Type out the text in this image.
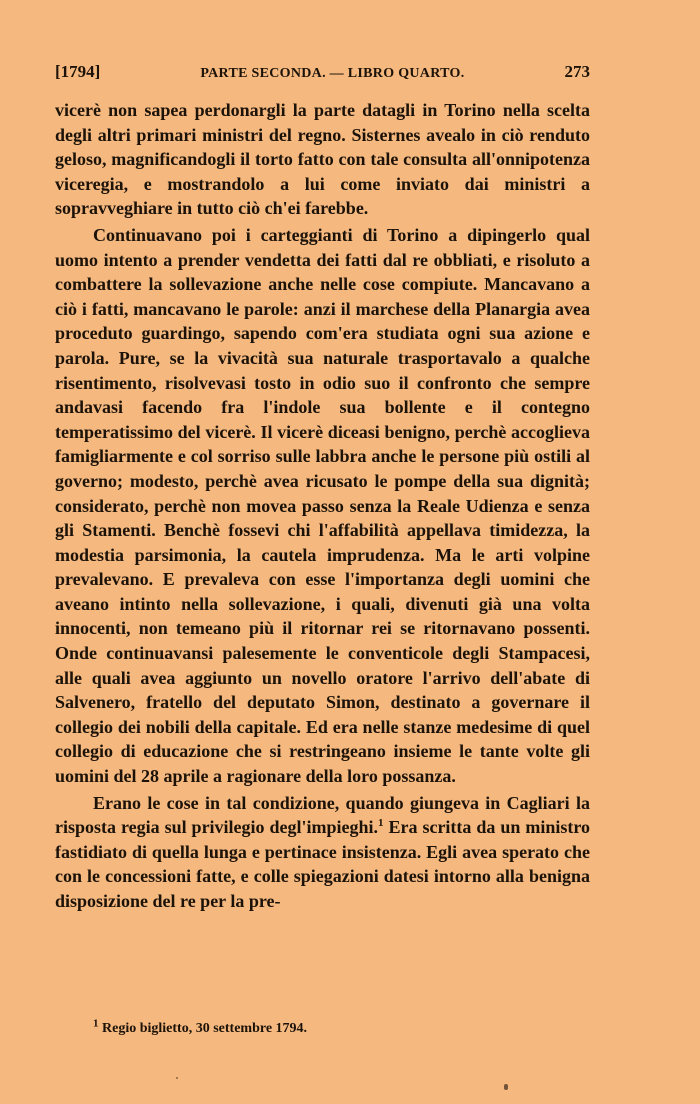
[1794]	PARTE SECONDA. — LIBRO QUARTO.	273

vicerè non sapea perdonargli la parte datagli in Torino nella scelta degli altri primari ministri del regno. Sisternes avealo in ciò renduto geloso, magnificandogli il torto fatto con tale consulta all'onnipotenza viceregia, e mostrandolo a lui come inviato dai ministri a sopravveghiare in tutto ciò ch'ei farebbe.

Continuavano poi i carteggianti di Torino a dipingerlo qual uomo intento a prender vendetta dei fatti dal re obbliati, e risoluto a combattere la sollevazione anche nelle cose compiute. Mancavano a ciò i fatti, mancavano le parole: anzi il marchese della Planargia avea proceduto guardingo, sapendo com'era studiata ogni sua azione e parola. Pure, se la vivacità sua naturale trasportavalo a qualche risentimento, risolvevasi tosto in odio suo il confronto che sempre andavasi facendo fra l'indole sua bollente e il contegno temperatissimo del vicerè. Il vicerè diceasi benigno, perchè accoglieva famigliarmente e col sorriso sulle labbra anche le persone più ostili al governo; modesto, perchè avea ricusato le pompe della sua dignità; considerato, perchè non movea passo senza la Reale Udienza e senza gli Stamenti. Benchè fossevi chi l'affabilità appellava timidezza, la modestia parsimonia, la cautela imprudenza. Ma le arti volpine prevalevano. E prevaleva con esse l'importanza degli uomini che aveano intinto nella sollevazione, i quali, divenuti già una volta innocenti, non temeano più il ritornar rei se ritornavano possenti. Onde continuavansi palesemente le conventicole degli Stampacesi, alle quali avea aggiunto un novello oratore l'arrivo dell'abate di Salvenero, fratello del deputato Simon, destinato a governare il collegio dei nobili della capitale. Ed era nelle stanze medesime di quel collegio di educazione che si restringeano insieme le tante volte gli uomini del 28 aprile a ragionare della loro possanza.

Erano le cose in tal condizione, quando giungeva in Cagliari la risposta regia sul privilegio degl'impieghi.$^1$ Era scritta da un ministro fastidiato di quella lunga e pertinace insistenza. Egli avea sperato che con le concessioni fatte, e colle spiegazioni datesi intorno alla benigna disposizione del re per la pre-

$^1$ Regio biglietto, 30 settembre 1794.
